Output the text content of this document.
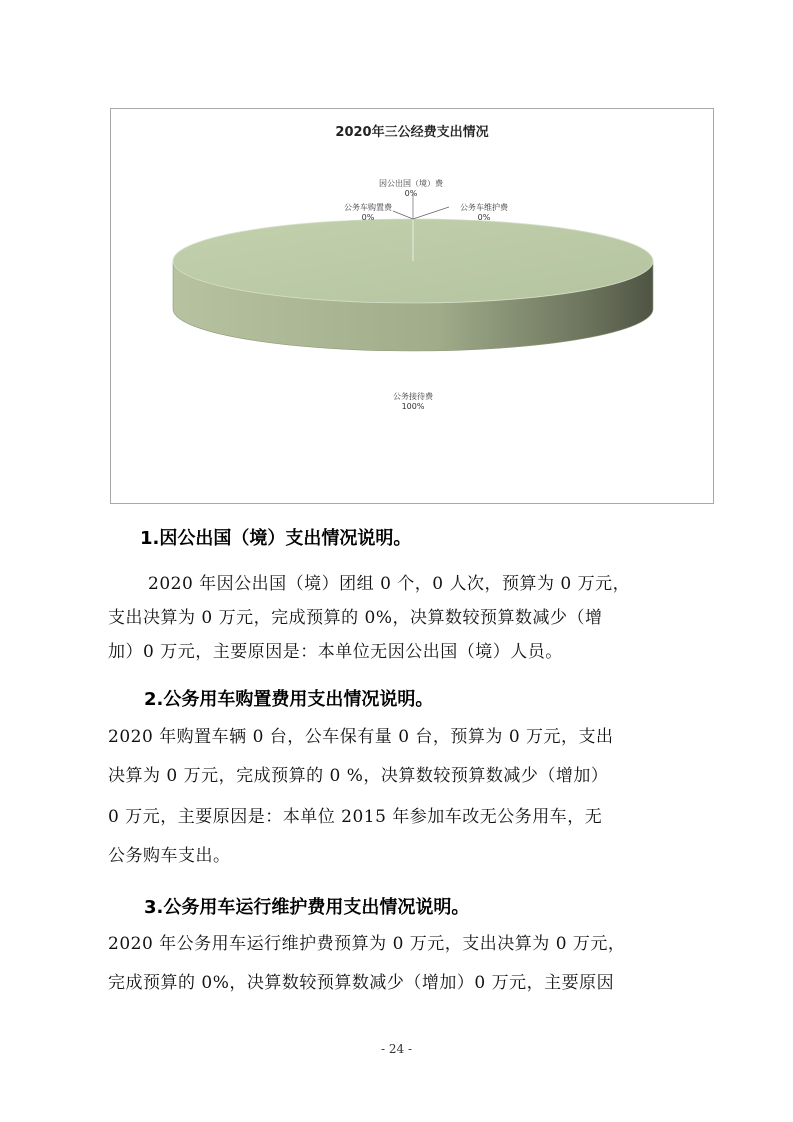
2020年三公经费支出情况
因公出国（境）费
0%
公务车购置费
0%
公务车维护费
0%
公务接待费
100%
1.因公出国（境）支出情况说明。
2020 年因公出国（境）团组 0 个，0 人次，预算为 0 万元，
支出决算为 0 万元，完成预算的 0%，决算数较预算数减少（增
加）0 万元，主要原因是：本单位无因公出国（境）人员。
2.公务用车购置费用支出情况说明。
2020 年购置车辆 0 台，公车保有量 0 台，预算为 0 万元，支出
决算为 0 万元，完成预算的 0 %，决算数较预算数减少（增加）
0 万元，主要原因是：本单位 2015 年参加车改无公务用车，无
公务购车支出。
3.公务用车运行维护费用支出情况说明。
2020 年公务用车运行维护费预算为 0 万元，支出决算为 0 万元，
完成预算的 0%，决算数较预算数减少（增加）0 万元，主要原因
- 24 -
